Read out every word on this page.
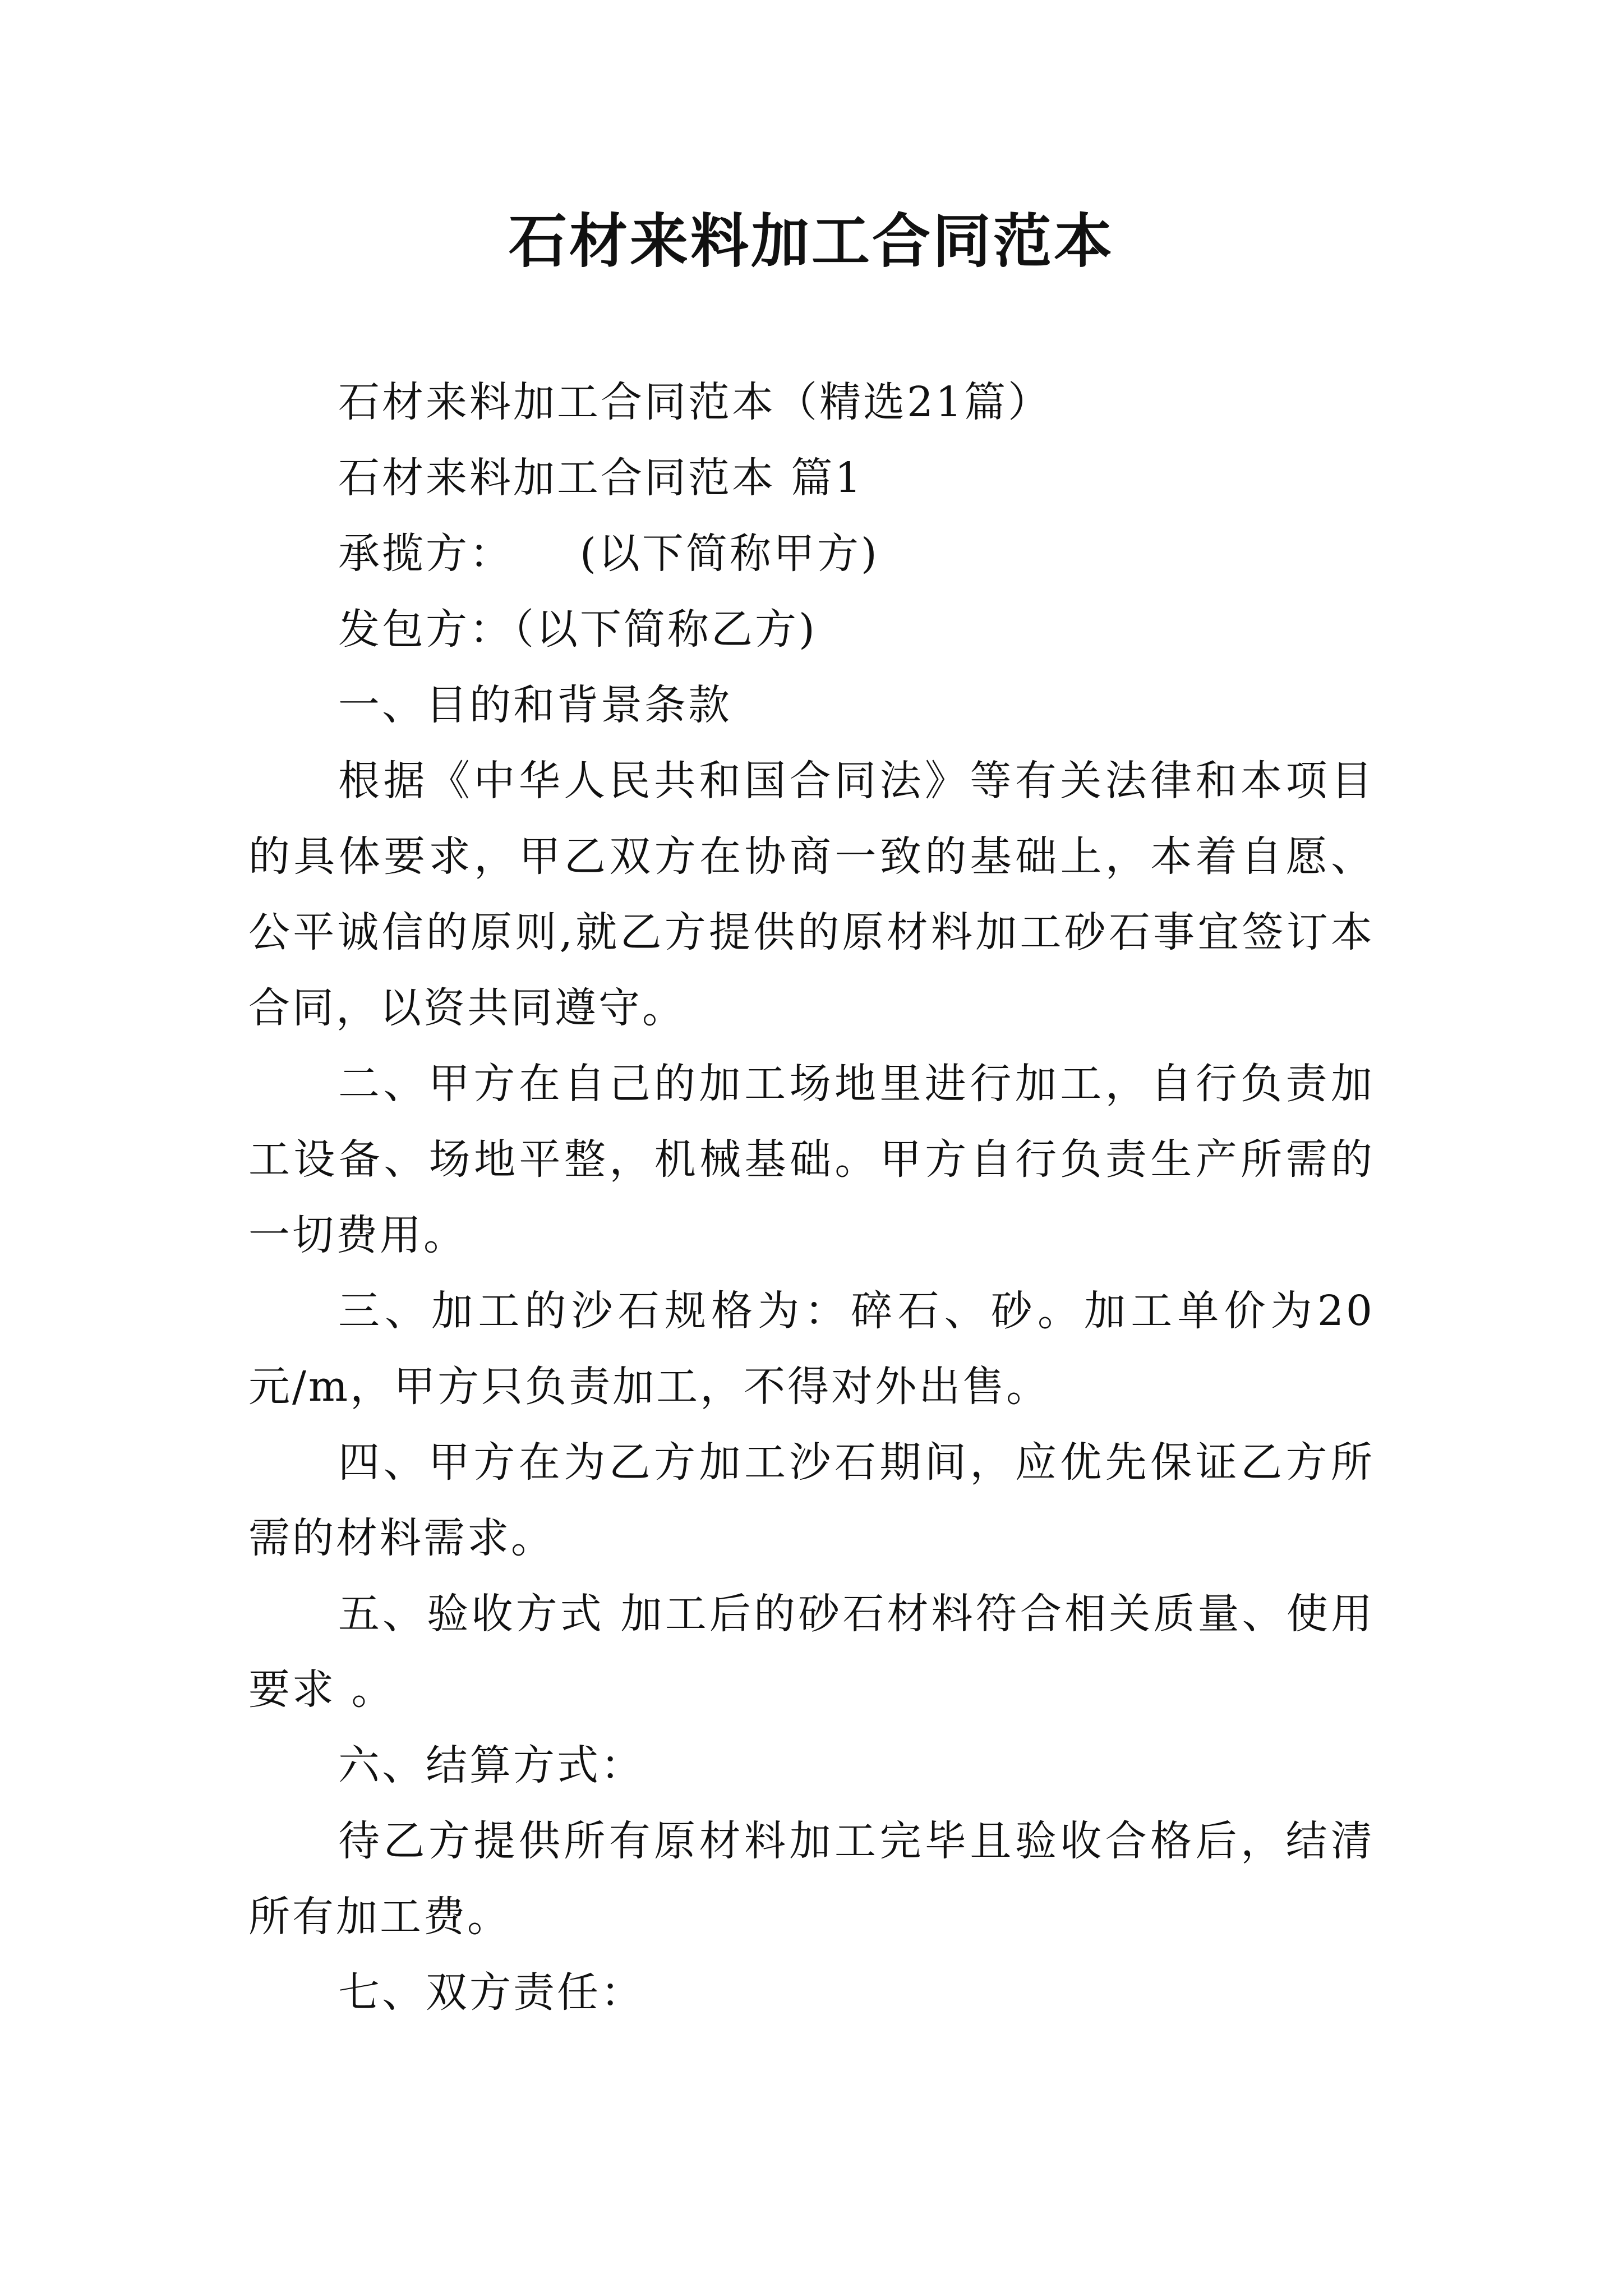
石材来料加工合同范本

石材来料加工合同范本（精选21篇）

石材来料加工合同范本 篇1

承揽方：　　(以下简称甲方)

发包方：（以下简称乙方)

一、目的和背景条款

根据《中华人民共和国合同法》等有关法律和本项目的具体要求，甲乙双方在协商一致的基础上，本着自愿、公平诚信的原则,就乙方提供的原材料加工砂石事宜签订本合同，以资共同遵守。

二、甲方在自己的加工场地里进行加工，自行负责加工设备、场地平整，机械基础。甲方自行负责生产所需的一切费用。

三、加工的沙石规格为：碎石、砂。加工单价为20元/m，甲方只负责加工，不得对外出售。

四、甲方在为乙方加工沙石期间，应优先保证乙方所需的材料需求。

五、验收方式 加工后的砂石材料符合相关质量、使用要求 。

六、结算方式：

待乙方提供所有原材料加工完毕且验收合格后，结清所有加工费。

七、双方责任：
